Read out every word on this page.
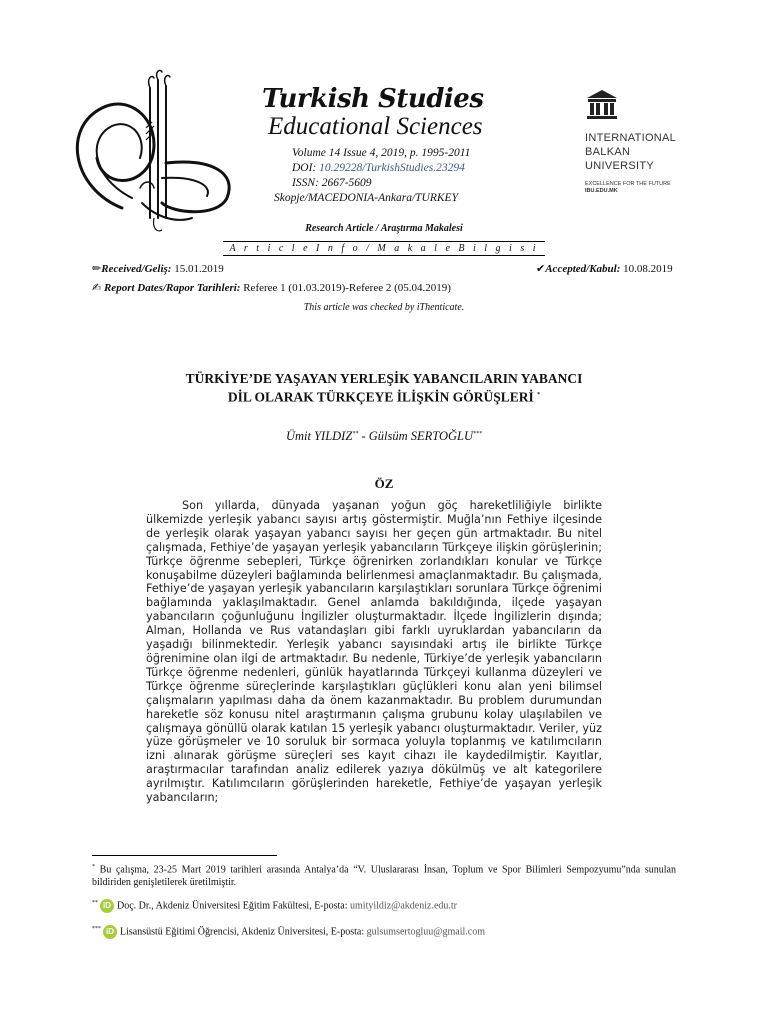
Turkish Studies
Educational Sciences
Volume 14 Issue 4, 2019, p. 1995-2011
DOI: 10.29228/TurkishStudies.23294
ISSN: 2667-5609
Skopje/MACEDONIA-Ankara/TURKEY
INTERNATIONAL
BALKAN
UNIVERSITY
EXCELLENCE FOR THE FUTURE
IBU.EDU.MK
Research Article / Araştırma Makalesi
A r t i c l e I n f o / M a k a l e B i l g i s i
✏︎Received/Geliş: 15.01.2019	✔︎Accepted/Kabul: 10.08.2019
✍︎ Report Dates/Rapor Tarihleri: Referee 1 (01.03.2019)-Referee 2 (05.04.2019)
This article was checked by iThenticate.
TÜRKİYE’DE YAŞAYAN YERLEŞİK YABANCILARIN YABANCI
DİL OLARAK TÜRKÇEYE İLİŞKİN GÖRÜŞLERİ *
Ümit YILDIZ** - Gülsüm SERTOĞLU***
ÖZ
Son yıllarda, dünyada yaşanan yoğun göç hareketliliğiyle birlikte ülkemizde yerleşik yabancı sayısı artış göstermiştir. Muğla’nın Fethiye ilçesinde de yerleşik olarak yaşayan yabancı sayısı her geçen gün artmaktadır. Bu nitel çalışmada, Fethiye’de yaşayan yerleşik yabancıların Türkçeye ilişkin görüşlerinin; Türkçe öğrenme sebepleri, Türkçe öğrenirken zorlandıkları konular ve Türkçe konuşabilme düzeyleri bağlamında belirlenmesi amaçlanmaktadır. Bu çalışmada, Fethiye’de yaşayan yerleşik yabancıların karşılaştıkları sorunlara Türkçe öğrenimi bağlamında yaklaşılmaktadır. Genel anlamda bakıldığında, ilçede yaşayan yabancıların çoğunluğunu İngilizler oluşturmaktadır. İlçede İngilizlerin dışında; Alman, Hollanda ve Rus vatandaşları gibi farklı uyruklardan yabancıların da yaşadığı bilinmektedir. Yerleşik yabancı sayısındaki artış ile birlikte Türkçe öğrenimine olan ilgi de artmaktadır. Bu nedenle, Türkiye’de yerleşik yabancıların Türkçe öğrenme nedenleri, günlük hayatlarında Türkçeyi kullanma düzeyleri ve Türkçe öğrenme süreçlerinde karşılaştıkları güçlükleri konu alan yeni bilimsel çalışmaların yapılması daha da önem kazanmaktadır. Bu problem durumundan hareketle söz konusu nitel araştırmanın çalışma grubunu kolay ulaşılabilen ve çalışmaya gönüllü olarak katılan 15 yerleşik yabancı oluşturmaktadır. Veriler, yüz yüze görüşmeler ve 10 soruluk bir sormaca yoluyla toplanmış ve katılımcıların izni alınarak görüşme süreçleri ses kayıt cihazı ile kaydedilmiştir. Kayıtlar, araştırmacılar tarafından analiz edilerek yazıya dökülmüş ve alt kategorilere ayrılmıştır. Katılımcıların görüşlerinden hareketle, Fethiye’de yaşayan yerleşik yabancıların;
* Bu çalışma, 23-25 Mart 2019 tarihleri arasında Antalya’da “V. Uluslararası İnsan, Toplum ve Spor Bilimleri Sempozyumu”nda sunulan bildiriden genişletilerek üretilmiştir.
** iD Doç. Dr., Akdeniz Üniversitesi Eğitim Fakültesi, E-posta: umityildiz@akdeniz.edu.tr
*** iD Lisansüstü Eğitimi Öğrencisi, Akdeniz Üniversitesi, E-posta: gulsumsertogluu@gmail.com
